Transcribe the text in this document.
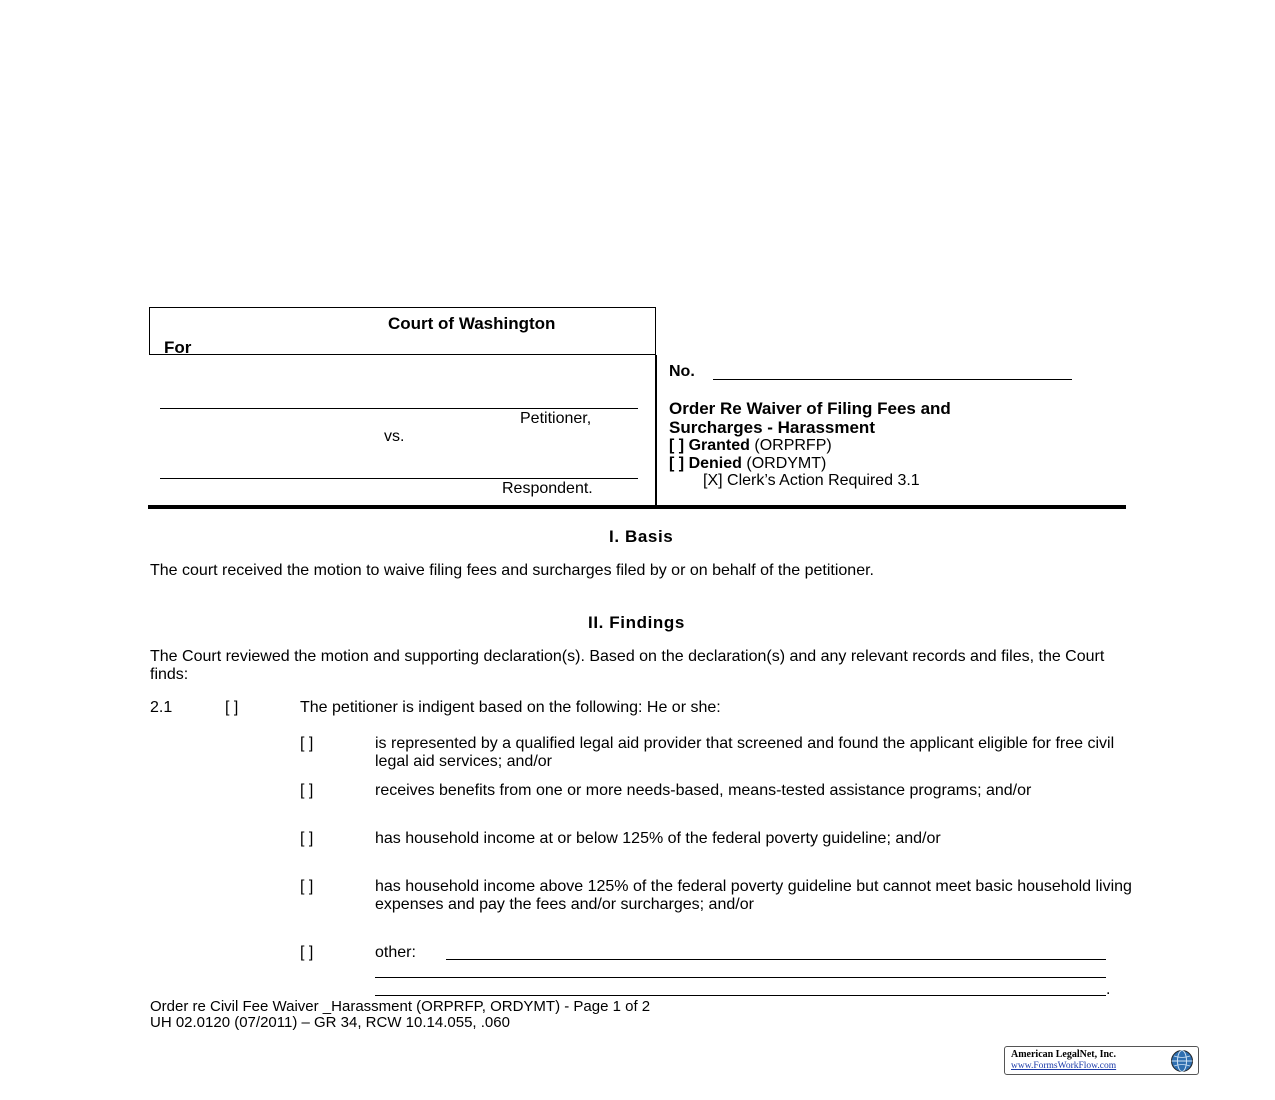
Court of Washington
For
Petitioner,
vs.
Respondent.
No.
Order Re Waiver of Filing Fees and
Surcharges - Harassment
[ ] Granted (ORPRFP)
[ ] Denied (ORDYMT)
[X] Clerk’s Action Required 3.1
I. Basis
The court received the motion to waive filing fees and surcharges filed by or on behalf of the petitioner.
II. Findings
The Court reviewed the motion and supporting declaration(s). Based on the declaration(s) and any relevant records and files, the Court finds:
2.1	[ ]	The petitioner is indigent based on the following: He or she:
[ ]	is represented by a qualified legal aid provider that screened and found the applicant eligible for free civil legal aid services; and/or
[ ]	receives benefits from one or more needs-based, means-tested assistance programs; and/or
[ ]	has household income at or below 125% of the federal poverty guideline; and/or
[ ]	has household income above 125% of the federal poverty guideline but cannot meet basic household living expenses and pay the fees and/or surcharges; and/or
[ ]	other:
.
Order re Civil Fee Waiver _Harassment (ORPRFP, ORDYMT) - Page 1 of 2
UH 02.0120 (07/2011) – GR 34, RCW 10.14.055, .060
American LegalNet, Inc.
www.FormsWorkFlow.com
